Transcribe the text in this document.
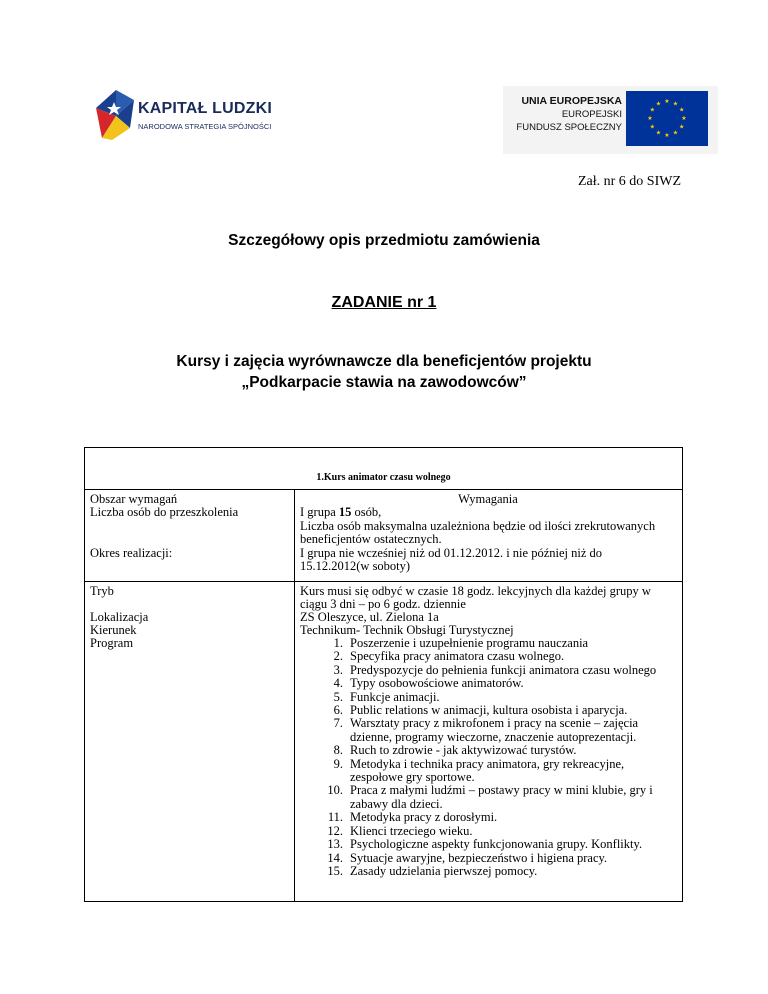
KAPITAŁ LUDZKI
NARODOWA STRATEGIA SPÓJNOŚCI
UNIA EUROPEJSKA
EUROPEJSKI
FUNDUSZ SPOŁECZNY
★ ★
★
★
★
★
★
★
★
★
★
★
Zał. nr 6 do SIWZ
Szczegółowy opis przedmiotu zamówienia
ZADANIE nr 1
Kursy i zajęcia wyrównawcze dla beneficjentów projektu
„Podkarpacie stawia na zawodowców”
1.Kurs animator czasu wolnego
Obszar wymagań
Liczba osób do przeszkolenia
Okres realizacji:
Tryb
Lokalizacja
Kierunek
Program
Wymagania
I grupa 15 osób,
Liczba osób maksymalna uzależniona będzie od ilości zrekrutowanych
beneficjentów ostatecznych.
I grupa nie wcześniej niż od 01.12.2012. i nie później niż do
15.12.2012(w soboty)
Kurs musi się odbyć w czasie 18 godz. lekcyjnych dla każdej grupy w
ciągu 3 dni – po 6 godz. dziennie
ZS Oleszyce, ul. Zielona 1a
Technikum- Technik Obsługi Turystycznej
1. Poszerzenie i uzupełnienie programu nauczania
2. Specyfika pracy animatora czasu wolnego.
3. Predyspozycje do pełnienia funkcji animatora czasu wolnego
4. Typy osobowościowe animatorów.
5. Funkcje animacji.
6. Public relations w animacji, kultura osobista i aparycja.
7. Warsztaty pracy z mikrofonem i pracy na scenie – zajęcia
dzienne, programy wieczorne, znaczenie autoprezentacji.
8. Ruch to zdrowie - jak aktywizować turystów.
9. Metodyka i technika pracy animatora, gry rekreacyjne,
zespołowe gry sportowe.
10. Praca z małymi ludźmi – postawy pracy w mini klubie, gry i
zabawy dla dzieci.
11. Metodyka pracy z dorosłymi.
12. Klienci trzeciego wieku.
13. Psychologiczne aspekty funkcjonowania grupy. Konflikty.
14. Sytuacje awaryjne, bezpieczeństwo i higiena pracy.
15. Zasady udzielania pierwszej pomocy.
